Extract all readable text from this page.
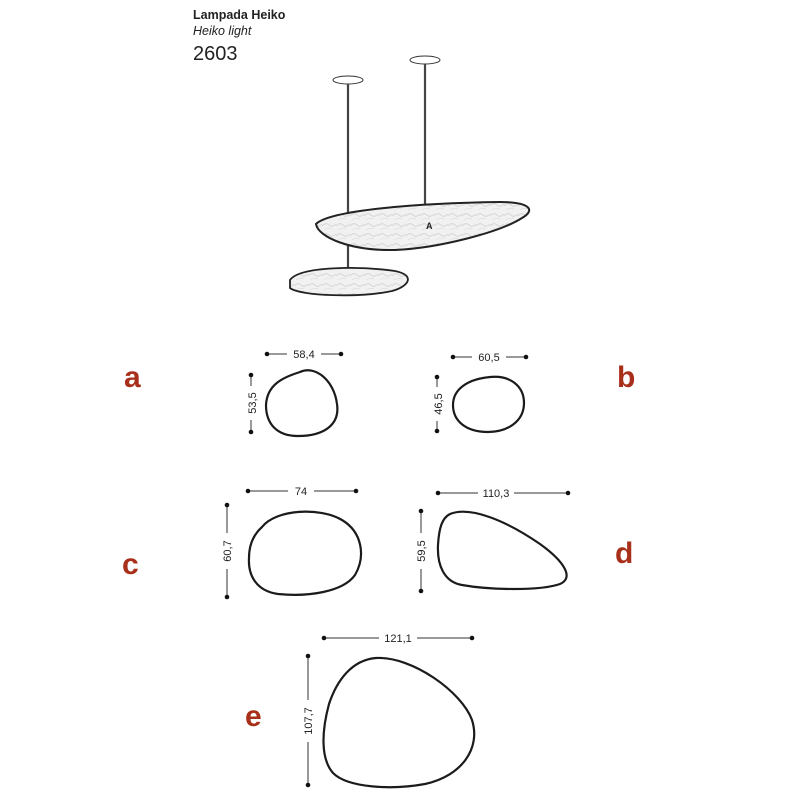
Lampada Heiko
Heiko light
2603
A
a
58,4
53,5
b
60,5
46,5
c
74
60,7	d
110,3
59,5
e
121,1
107,7
